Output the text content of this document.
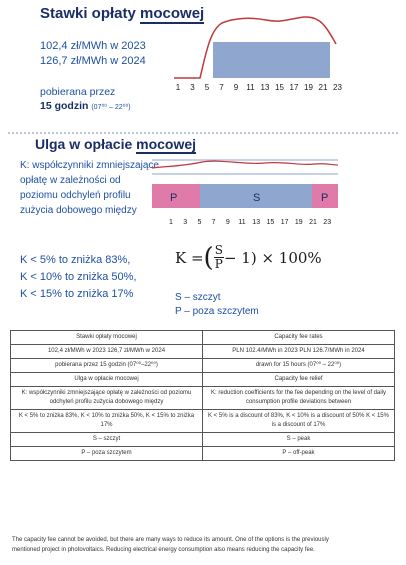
Stawki opłaty mocowej
102,4 zł/MWh w 2023
126,7 zł/MWh w 2024
pobierana przez
15 godzin (07⁰⁰ – 22⁰⁰)
1 3 5 7 9 11 13 15 17 19 21 23
Ulga w opłacie mocowej
K: współczynniki zmniejszające opłatę w zależności od poziomu odchyleń profilu zużycia dobowego między
P	S	P
1 3 5 7 9 11 13 15 17 19 21 23
K < 5% to zniżka 83%,
K < 10% to zniżka 50%,
K < 15% to zniżka 17%
K =( $\frac{S}{P} - 1) \times 100\%$
S – szczyt
P – poza szczytem
Stawki opłaty mocowej	Capacity fee rates
102,4 zł/MWh w 2023 126,7 zł/MWh w 2024	PLN 102.4/MWh in 2023 PLN 126.7/MWh in 2024
pobierana przez 15 godzin (07⁰⁰–22⁰⁰)	drawn for 15 hours (07⁰⁰ – 22⁰⁰)
Ulga w opłacie mocowej	Capacity fee relief
K: współczynniki zmniejszające opłatę w zależności od poziomu odchyleń profilu zużycia dobowego między	K: reduction coefficients for the fee depending on the level of daily consumption profile deviations between
K < 5% to zniżka 83%, K < 10% to zniżka 50%, K < 15% to zniżka 17%	K < 5% is a discount of 83%, K < 10% is a discount of 50% K < 15% is a discount of 17%
S – szczyt	S – peak
P – poza szczytem	P – off-peak
The capacity fee cannot be avoided, but there are many ways to reduce its amount. One of the options is the previously
mentioned project in photovoltaics. Reducing electrical energy consumption also means reducing the capacity fee.
